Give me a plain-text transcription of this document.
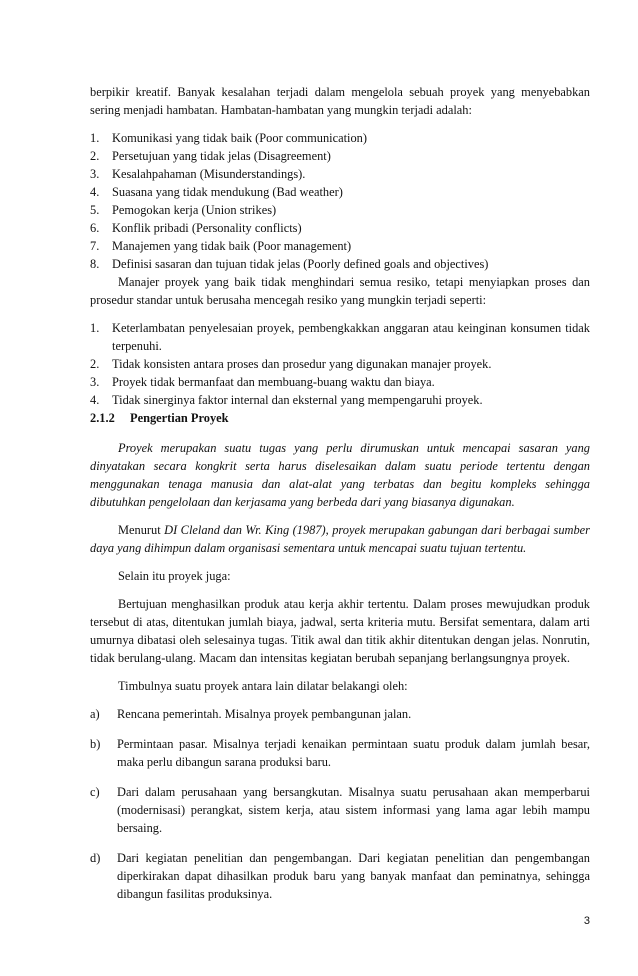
berpikir kreatif. Banyak kesalahan terjadi dalam mengelola sebuah proyek yang menyebabkan sering menjadi hambatan. Hambatan-hambatan yang mungkin terjadi adalah:

1. Komunikasi yang tidak baik (Poor communication)
2. Persetujuan yang tidak jelas (Disagreement)
3. Kesalahpahaman (Misunderstandings).
4. Suasana yang tidak mendukung (Bad weather)
5. Pemogokan kerja (Union strikes)
6. Konflik pribadi (Personality conflicts)
7. Manajemen yang tidak baik (Poor management)
8. Definisi sasaran dan tujuan tidak jelas (Poorly defined goals and objectives)

Manajer proyek yang baik tidak menghindari semua resiko, tetapi menyiapkan proses dan prosedur standar untuk berusaha mencegah resiko yang mungkin terjadi seperti:

1. Keterlambatan penyelesaian proyek, pembengkakkan anggaran atau keinginan konsumen tidak terpenuhi.
2. Tidak konsisten antara proses dan prosedur yang digunakan manajer proyek.
3. Proyek tidak bermanfaat dan membuang-buang waktu dan biaya.
4. Tidak sinerginya faktor internal dan eksternal yang mempengaruhi proyek.

2.1.2 Pengertian Proyek

Proyek merupakan suatu tugas yang perlu dirumuskan untuk mencapai sasaran yang dinyatakan secara kongkrit serta harus diselesaikan dalam suatu periode tertentu dengan menggunakan tenaga manusia dan alat-alat yang terbatas dan begitu kompleks sehingga dibutuhkan pengelolaan dan kerjasama yang berbeda dari yang biasanya digunakan.

Menurut DI Cleland dan Wr. King (1987), proyek merupakan gabungan dari berbagai sumber daya yang dihimpun dalam organisasi sementara untuk mencapai suatu tujuan tertentu.

Selain itu proyek juga:

Bertujuan menghasilkan produk atau kerja akhir tertentu. Dalam proses mewujudkan produk tersebut di atas, ditentukan jumlah biaya, jadwal, serta kriteria mutu. Bersifat sementara, dalam arti umurnya dibatasi oleh selesainya tugas. Titik awal dan titik akhir ditentukan dengan jelas. Nonrutin, tidak berulang-ulang. Macam dan intensitas kegiatan berubah sepanjang berlangsungnya proyek.

Timbulnya suatu proyek antara lain dilatar belakangi oleh:

a) Rencana pemerintah. Misalnya proyek pembangunan jalan.
b) Permintaan pasar. Misalnya terjadi kenaikan permintaan suatu produk dalam jumlah besar, maka perlu dibangun sarana produksi baru.
c) Dari dalam perusahaan yang bersangkutan. Misalnya suatu perusahaan akan memperbarui (modernisasi) perangkat, sistem kerja, atau sistem informasi yang lama agar lebih mampu bersaing.
d) Dari kegiatan penelitian dan pengembangan. Dari kegiatan penelitian dan pengembangan diperkirakan dapat dihasilkan produk baru yang banyak manfaat dan peminatnya, sehingga dibangun fasilitas produksinya.
3
